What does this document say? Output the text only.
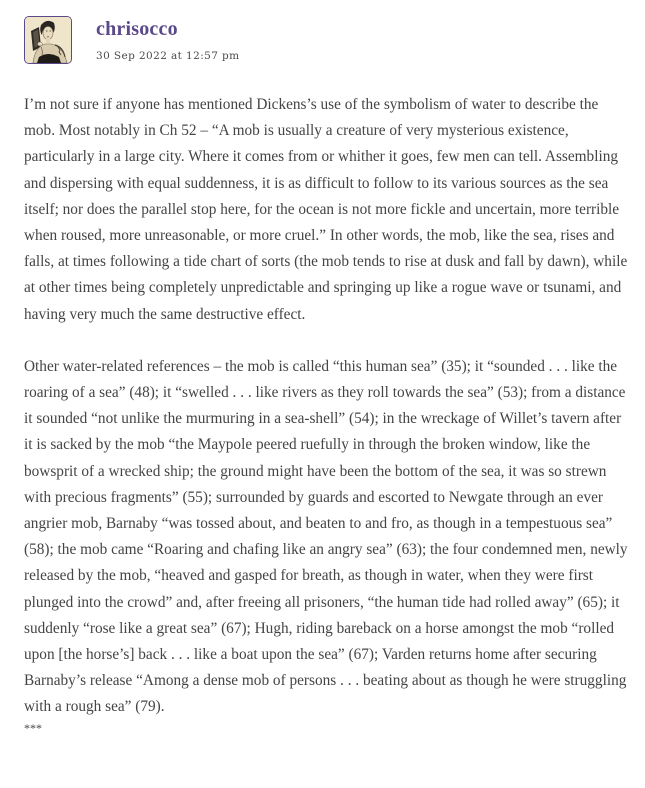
chrisocco
30 Sep 2022 at 12:57 pm

I’m not sure if anyone has mentioned Dickens’s use of the symbolism of water to describe the mob. Most notably in Ch 52 – “A mob is usually a creature of very mysterious existence, particularly in a large city. Where it comes from or whither it goes, few men can tell. Assembling and dispersing with equal suddenness, it is as difficult to follow to its various sources as the sea itself; nor does the parallel stop here, for the ocean is not more fickle and uncertain, more terrible when roused, more unreasonable, or more cruel.” In other words, the mob, like the sea, rises and falls, at times following a tide chart of sorts (the mob tends to rise at dusk and fall by dawn), while at other times being completely unpredictable and springing up like a rogue wave or tsunami, and having very much the same destructive effect.

Other water-related references – the mob is called “this human sea” (35); it “sounded . . . like the roaring of a sea” (48); it “swelled . . . like rivers as they roll towards the sea” (53); from a distance it sounded “not unlike the murmuring in a sea-shell” (54); in the wreckage of Willet’s tavern after it is sacked by the mob “the Maypole peered ruefully in through the broken window, like the bowsprit of a wrecked ship; the ground might have been the bottom of the sea, it was so strewn with precious fragments” (55); surrounded by guards and escorted to Newgate through an ever angrier mob, Barnaby “was tossed about, and beaten to and fro, as though in a tempestuous sea” (58); the mob came “Roaring and chafing like an angry sea” (63); the four condemned men, newly released by the mob, “heaved and gasped for breath, as though in water, when they were first plunged into the crowd” and, after freeing all prisoners, “the human tide had rolled away” (65); it suddenly “rose like a great sea” (67); Hugh, riding bareback on a horse amongst the mob “rolled upon [the horse’s] back . . . like a boat upon the sea” (67); Varden returns home after securing Barnaby’s release “Among a dense mob of persons . . . beating about as though he were struggling with a rough sea” (79).

***
